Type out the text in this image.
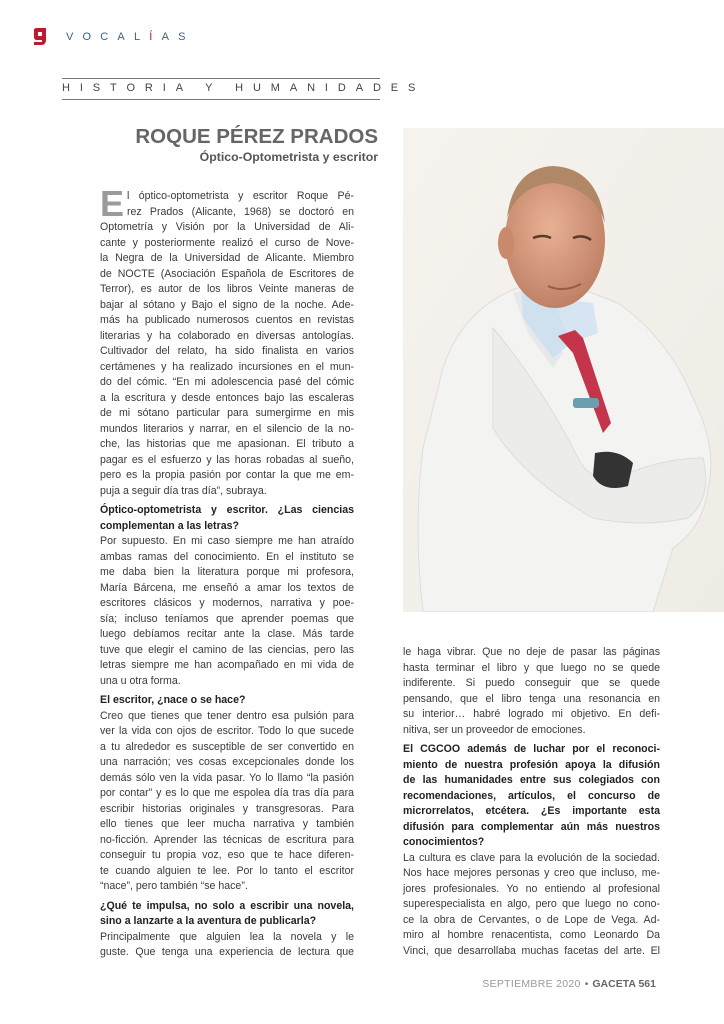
VOCALÍAS
HISTORIA Y HUMANIDADES
ROQUE PÉREZ PRADOS
Óptico-Optometrista y escritor
E l óptico-optometrista y escritor Roque Pé-
rez Prados (Alicante, 1968) se doctoró en
Optometría y Visión por la Universidad de Ali-
cante y posteriormente realizó el curso de Nove-
la Negra de la Universidad de Alicante. Miembro
de NOCTE (Asociación Española de Escritores de
Terror), es autor de los libros Veinte maneras de
bajar al sótano y Bajo el signo de la noche. Ade-
más ha publicado numerosos cuentos en revistas
literarias y ha colaborado en diversas antologías.
Cultivador del relato, ha sido finalista en varios
certámenes y ha realizado incursiones en el mun-
do del cómic. “En mi adolescencia pasé del cómic
a la escritura y desde entonces bajo las escaleras
de mi sótano particular para sumergirme en mis
mundos literarios y narrar, en el silencio de la no-
che, las historias que me apasionan. El tributo a
pagar es el esfuerzo y las horas robadas al sueño,
pero es la propia pasión por contar la que me em-
puja a seguir día tras día”, subraya.
Óptico-optometrista y escritor. ¿Las ciencias
complementan a las letras?
Por supuesto. En mi caso siempre me han atraído
ambas ramas del conocimiento. En el instituto se
me daba bien la literatura porque mi profesora,
María Bárcena, me enseñó a amar los textos de
escritores clásicos y modernos, narrativa y poe-
sía; incluso teníamos que aprender poemas que
luego debíamos recitar ante la clase. Más tarde
tuve que elegir el camino de las ciencias, pero las
letras siempre me han acompañado en mi vida de
una u otra forma.
El escritor, ¿nace o se hace?
Creo que tienes que tener dentro esa pulsión para
ver la vida con ojos de escritor. Todo lo que sucede
a tu alrededor es susceptible de ser convertido en
una narración; ves cosas excepcionales donde los
demás sólo ven la vida pasar. Yo lo llamo “la pasión
por contar” y es lo que me espolea día tras día para
escribir historias originales y transgresoras. Para
ello tienes que leer mucha narrativa y también
no-ficción. Aprender las técnicas de escritura para
conseguir tu propia voz, eso que te hace diferen-
te cuando alguien te lee. Por lo tanto el escritor
“nace”, pero también “se hace”.
¿Qué te impulsa, no solo a escribir una novela,
sino a lanzarte a la aventura de publicarla?
Principalmente que alguien lea la novela y le
guste. Que tenga una experiencia de lectura que
le haga vibrar. Que no deje de pasar las páginas
hasta terminar el libro y que luego no se quede
indiferente. Si puedo conseguir que se quede
pensando, que el libro tenga una resonancia en
su interior… habré logrado mi objetivo. En defi-
nitiva, ser un proveedor de emociones.
El CGCOO además de luchar por el reconoci-
miento de nuestra profesión apoya la difusión
de las humanidades entre sus colegiados con
recomendaciones, artículos, el concurso de
microrrelatos, etcétera. ¿Es importante esta
difusión para complementar aún más nuestros
conocimientos?
La cultura es clave para la evolución de la sociedad.
Nos hace mejores personas y creo que incluso, me-
jores profesionales. Yo no entiendo al profesional
superespecialista en algo, pero que luego no cono-
ce la obra de Cervantes, o de Lope de Vega. Ad-
miro al hombre renacentista, como Leonardo Da
Vinci, que desarrollaba muchas facetas del arte. El
SEPTIEMBRE 2020 • GACETA 561
